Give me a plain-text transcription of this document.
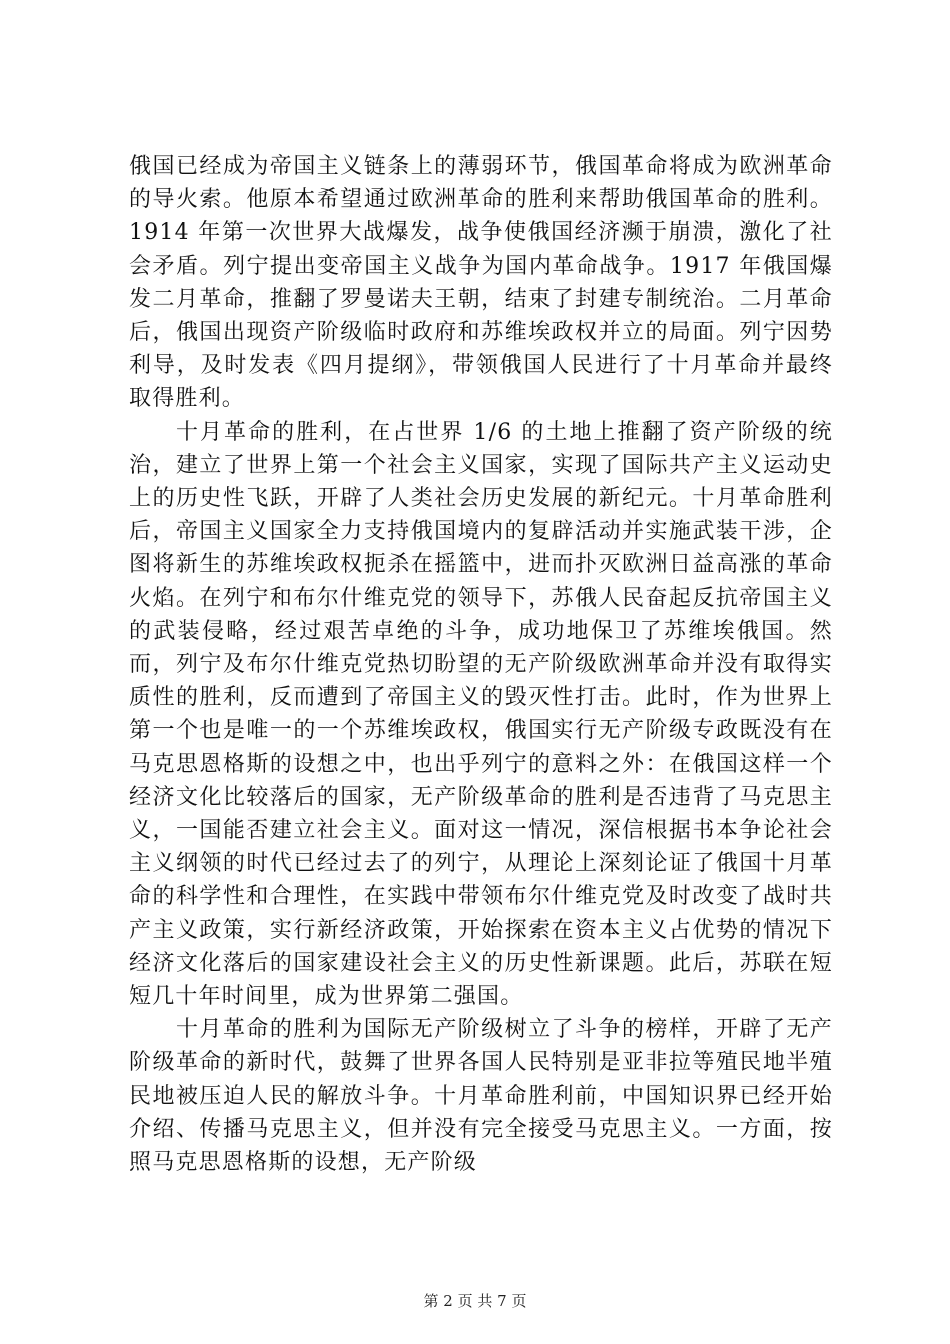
俄国已经成为帝国主义链条上的薄弱环节，俄国革命将成为欧洲革命的导火索。他原本希望通过欧洲革命的胜利来帮助俄国革命的胜利。1914 年第一次世界大战爆发，战争使俄国经济濒于崩溃，激化了社会矛盾。列宁提出变帝国主义战争为国内革命战争。1917 年俄国爆发二月革命，推翻了罗曼诺夫王朝，结束了封建专制统治。二月革命后，俄国出现资产阶级临时政府和苏维埃政权并立的局面。列宁因势利导，及时发表《四月提纲》，带领俄国人民进行了十月革命并最终取得胜利。

十月革命的胜利，在占世界 1/6 的土地上推翻了资产阶级的统治，建立了世界上第一个社会主义国家，实现了国际共产主义运动史上的历史性飞跃，开辟了人类社会历史发展的新纪元。十月革命胜利后，帝国主义国家全力支持俄国境内的复辟活动并实施武装干涉，企图将新生的苏维埃政权扼杀在摇篮中，进而扑灭欧洲日益高涨的革命火焰。在列宁和布尔什维克党的领导下，苏俄人民奋起反抗帝国主义的武装侵略，经过艰苦卓绝的斗争，成功地保卫了苏维埃俄国。然而，列宁及布尔什维克党热切盼望的无产阶级欧洲革命并没有取得实质性的胜利，反而遭到了帝国主义的毁灭性打击。此时，作为世界上第一个也是唯一的一个苏维埃政权，俄国实行无产阶级专政既没有在马克思恩格斯的设想之中，也出乎列宁的意料之外：在俄国这样一个经济文化比较落后的国家，无产阶级革命的胜利是否违背了马克思主义，一国能否建立社会主义。面对这一情况，深信根据书本争论社会主义纲领的时代已经过去了的列宁，从理论上深刻论证了俄国十月革命的科学性和合理性，在实践中带领布尔什维克党及时改变了战时共产主义政策，实行新经济政策，开始探索在资本主义占优势的情况下经济文化落后的国家建设社会主义的历史性新课题。此后，苏联在短短几十年时间里，成为世界第二强国。

十月革命的胜利为国际无产阶级树立了斗争的榜样，开辟了无产阶级革命的新时代，鼓舞了世界各国人民特别是亚非拉等殖民地半殖民地被压迫人民的解放斗争。十月革命胜利前，中国知识界已经开始介绍、传播马克思主义，但并没有完全接受马克思主义。一方面，按照马克思恩格斯的设想，无产阶级

第 2 页 共 7 页
